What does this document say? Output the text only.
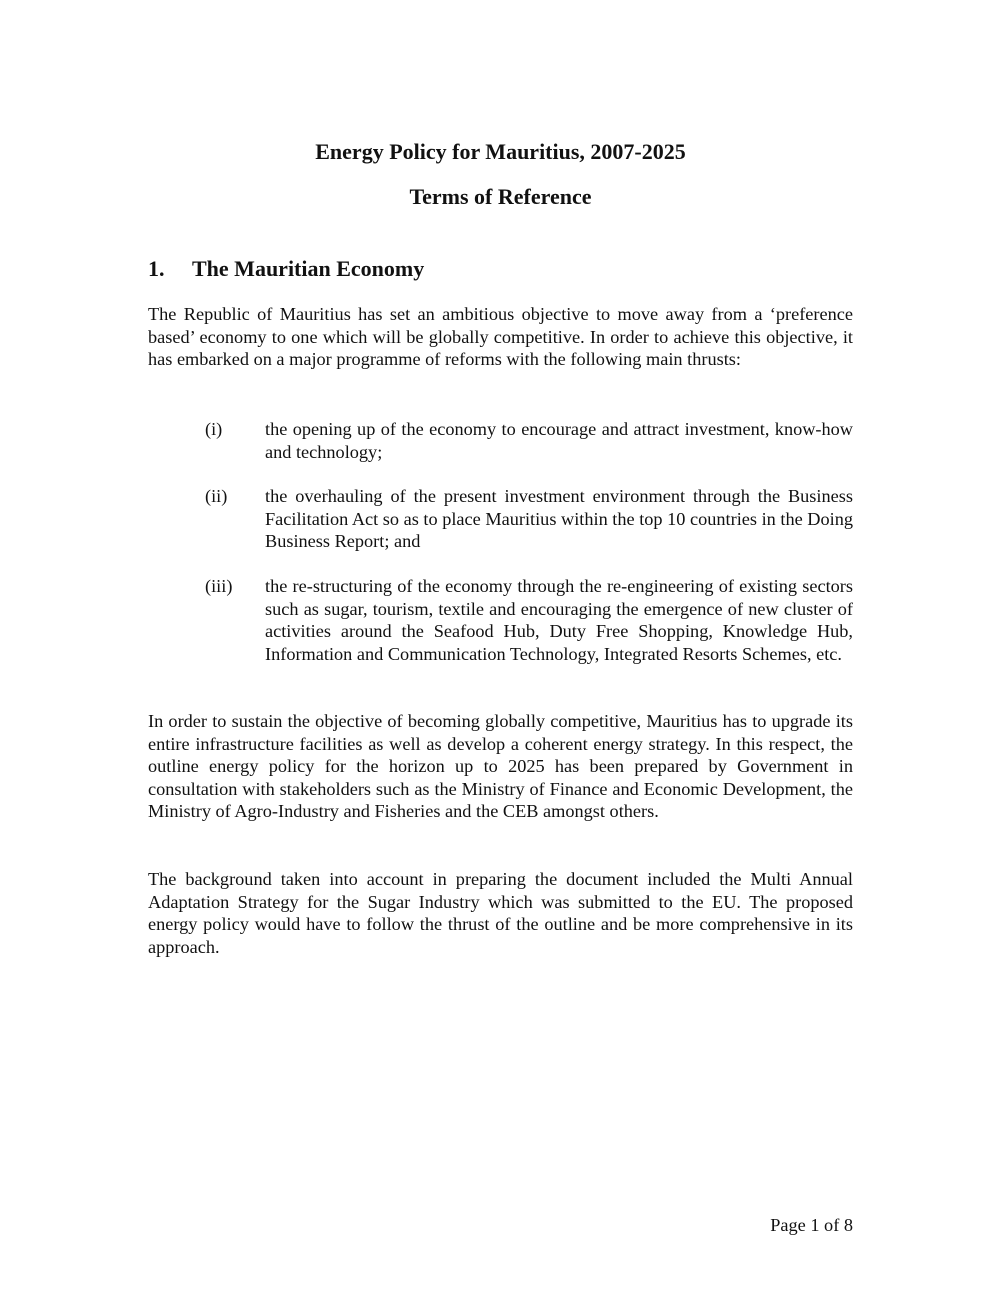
Energy Policy for Mauritius, 2007-2025
Terms of Reference
1. The Mauritian Economy

The Republic of Mauritius has set an ambitious objective to move away from a ‘preference based’ economy to one which will be globally competitive. In order to achieve this objective, it has embarked on a major programme of reforms with the following main thrusts:

(i)	the opening up of the economy to encourage and attract investment, know-how and technology;
(ii)	the overhauling of the present investment environment through the Business Facilitation Act so as to place Mauritius within the top 10 countries in the Doing Business Report; and
(iii)	the re-structuring of the economy through the re-engineering of existing sectors such as sugar, tourism, textile and encouraging the emergence of new cluster of activities around the Seafood Hub, Duty Free Shopping, Knowledge Hub, Information and Communication Technology, Integrated Resorts Schemes, etc.

In order to sustain the objective of becoming globally competitive, Mauritius has to upgrade its entire infrastructure facilities as well as develop a coherent energy strategy. In this respect, the outline energy policy for the horizon up to 2025 has been prepared by Government in consultation with stakeholders such as the Ministry of Finance and Economic Development, the Ministry of Agro-Industry and Fisheries and the CEB amongst others.

The background taken into account in preparing the document included the Multi Annual Adaptation Strategy for the Sugar Industry which was submitted to the EU. The proposed energy policy would have to follow the thrust of the outline and be more comprehensive in its approach.

Page 1 of 8
